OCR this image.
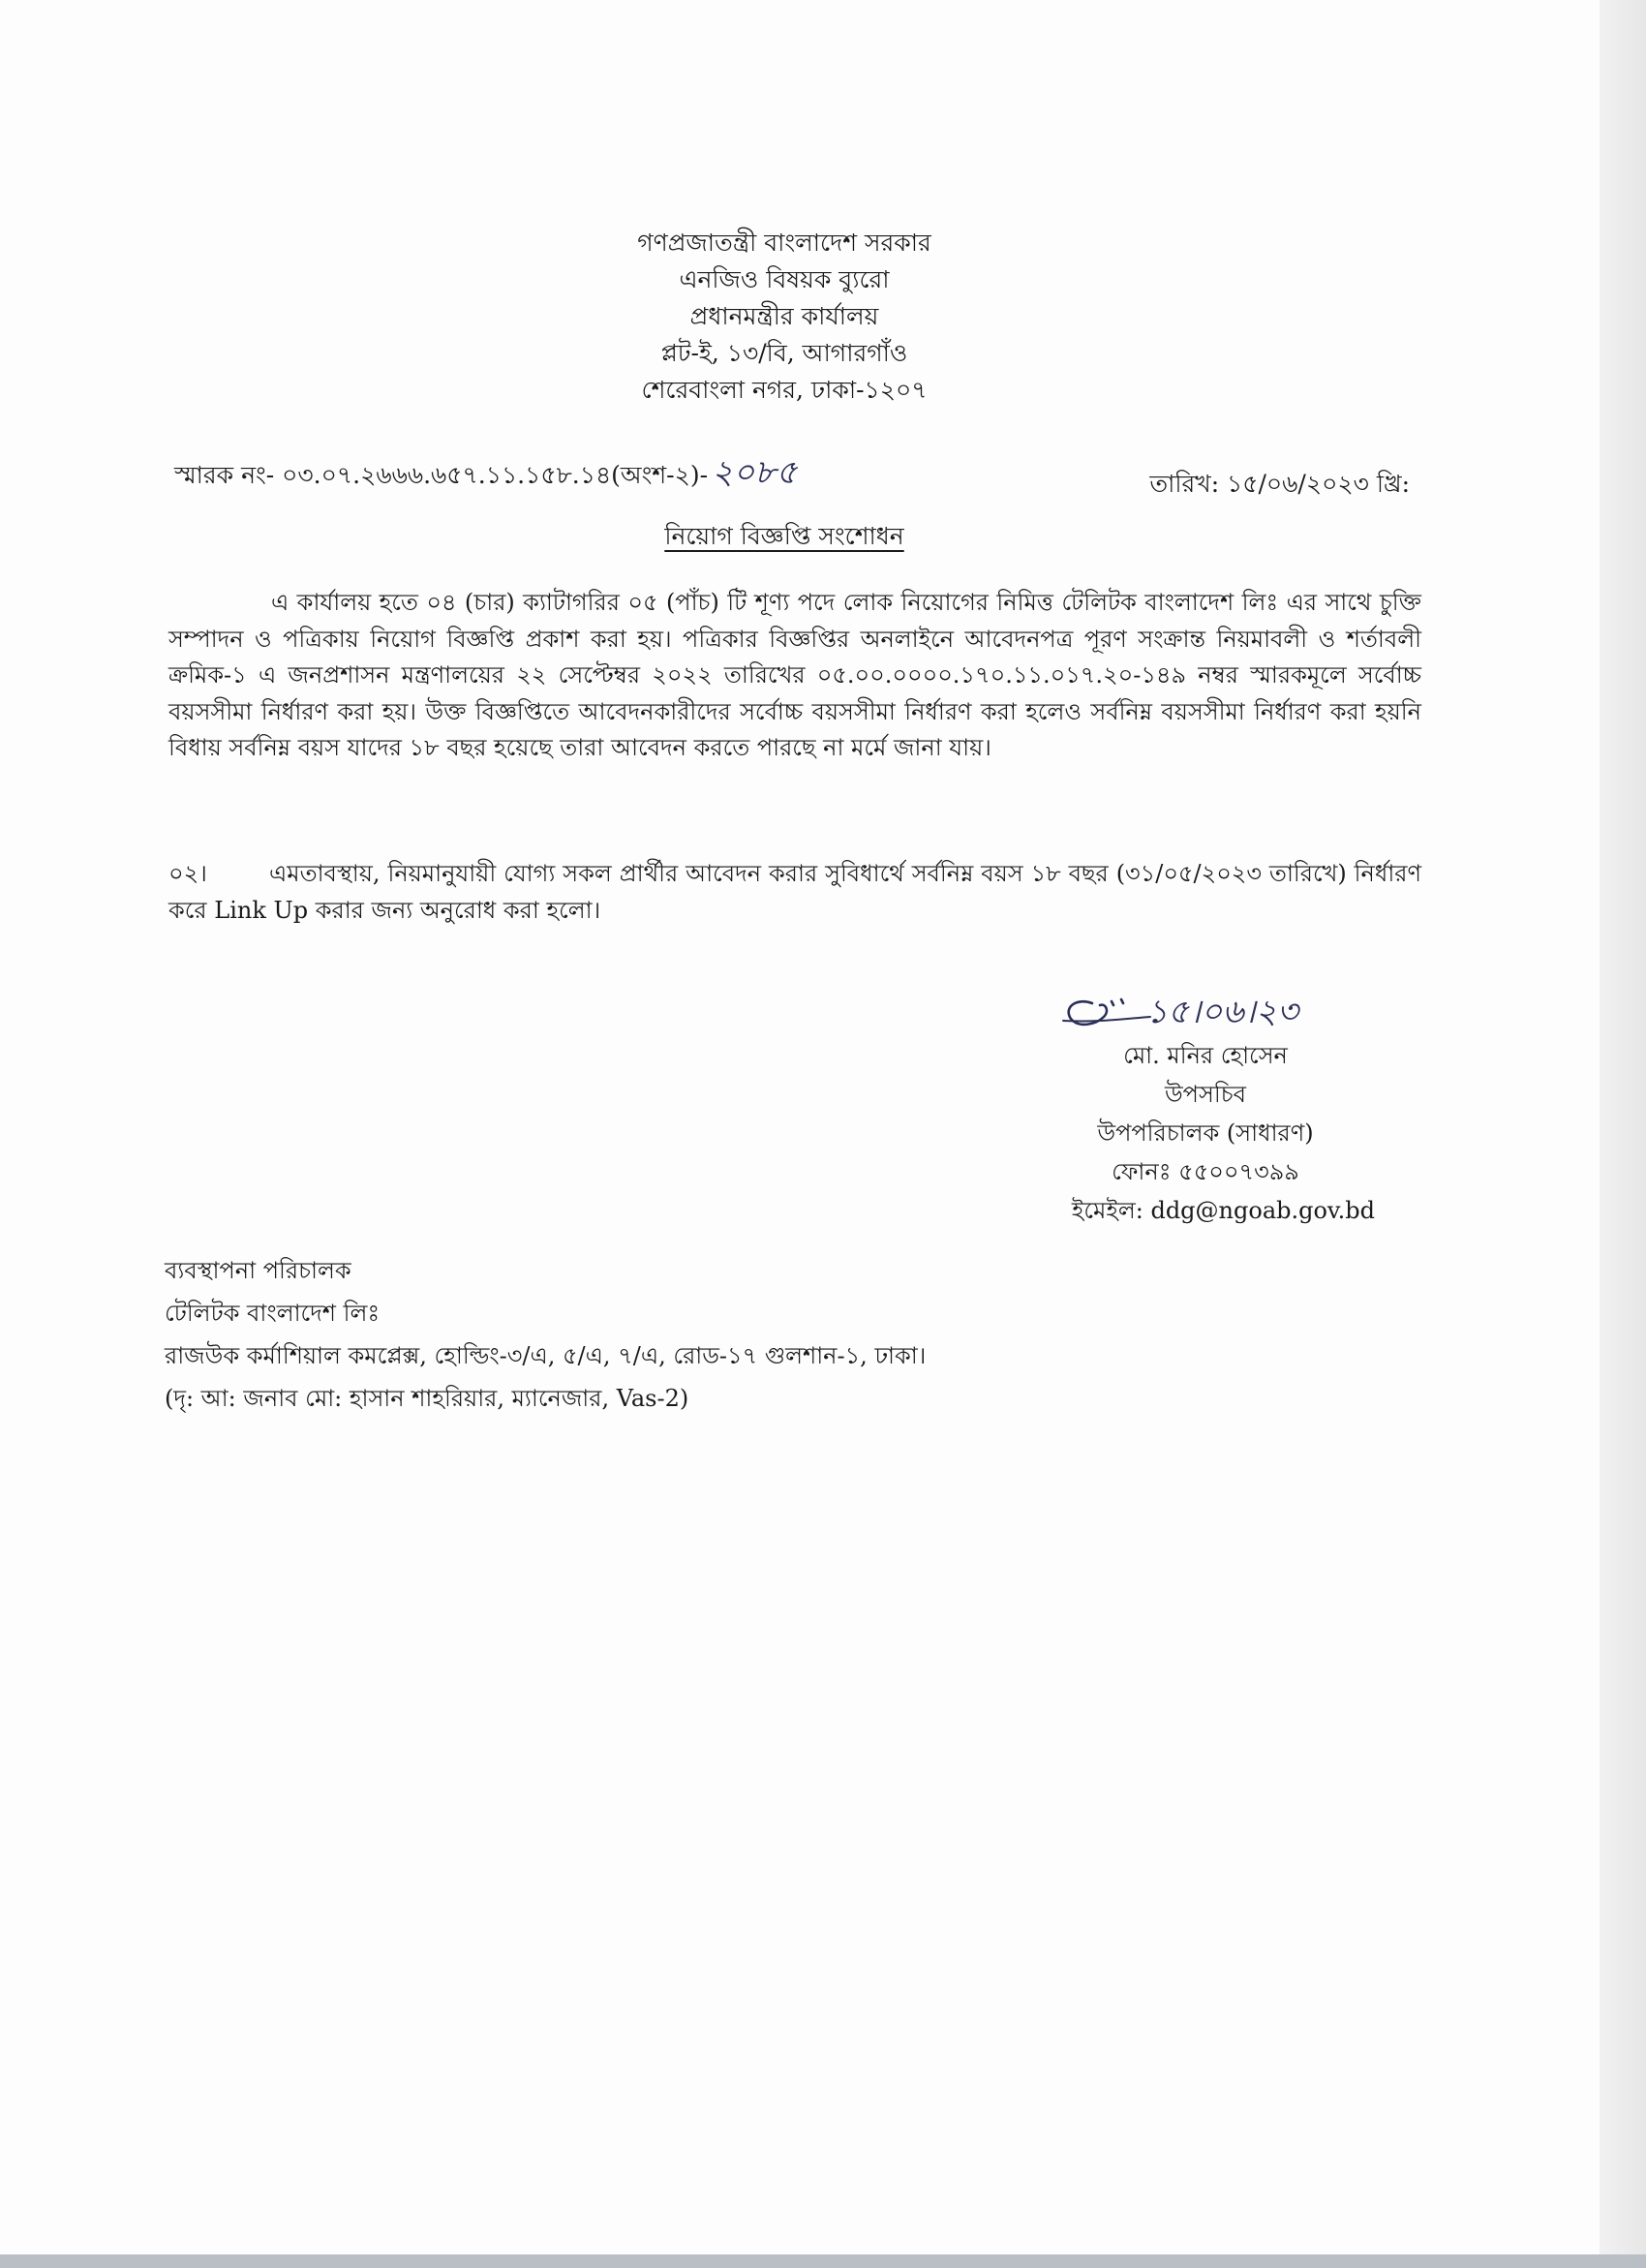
গণপ্রজাতন্ত্রী বাংলাদেশ সরকার
এনজিও বিষয়ক ব্যুরো
প্রধানমন্ত্রীর কার্যালয়
প্লট-ই, ১৩/বি, আগারগাঁও
শেরেবাংলা নগর, ঢাকা-১২০৭
স্মারক নং- ০৩.০৭.২৬৬৬.৬৫৭.১১.১৫৮.১৪(অংশ-২)- ২০৮৫	তারিখ: ১৫/০৬/২০২৩ খ্রি:
নিয়োগ বিজ্ঞপ্তি সংশোধন
এ কার্যালয় হতে ০৪ (চার) ক্যাটাগরির ০৫ (পাঁচ) টি শূণ্য পদে লোক নিয়োগের নিমিত্ত টেলিটক বাংলাদেশ লিঃ এর সাথে চুক্তি সম্পাদন ও পত্রিকায় নিয়োগ বিজ্ঞপ্তি প্রকাশ করা হয়। পত্রিকার বিজ্ঞপ্তির অনলাইনে আবেদনপত্র পূরণ সংক্রান্ত নিয়মাবলী ও শর্তাবলী ক্রমিক-১ এ জনপ্রশাসন মন্ত্রণালয়ের ২২ সেপ্টেম্বর ২০২২ তারিখের ০৫.০০.০০০০.১৭০.১১.০১৭.২০-১৪৯ নম্বর স্মারকমূলে সর্বোচ্চ বয়সসীমা নির্ধারণ করা হয়। উক্ত বিজ্ঞপ্তিতে আবেদনকারীদের সর্বোচ্চ বয়সসীমা নির্ধারণ করা হলেও সর্বনিম্ন বয়সসীমা নির্ধারণ করা হয়নি বিধায় সর্বনিম্ন বয়স যাদের ১৮ বছর হয়েছে তারা আবেদন করতে পারছে না মর্মে জানা যায়।
০২।	এমতাবস্থায়, নিয়মানুযায়ী যোগ্য সকল প্রার্থীর আবেদন করার সুবিধার্থে সর্বনিম্ন বয়স ১৮ বছর (৩১/০৫/২০২৩ তারিখে) নির্ধারণ করে Link Up করার জন্য অনুরোধ করা হলো।
১৫।০৬।২৩
মো. মনির হোসেন
উপসচিব
উপপরিচালক (সাধারণ)
ফোনঃ ৫৫০০৭৩৯৯
ইমেইল: ddg@ngoab.gov.bd
ব্যবস্থাপনা পরিচালক
টেলিটক বাংলাদেশ লিঃ
রাজউক কর্মাশিয়াল কমপ্লেক্স, হোল্ডিং-৩/এ, ৫/এ, ৭/এ, রোড-১৭ গুলশান-১, ঢাকা।
(দৃ: আ: জনাব মো: হাসান শাহরিয়ার, ম্যানেজার, Vas-2)
